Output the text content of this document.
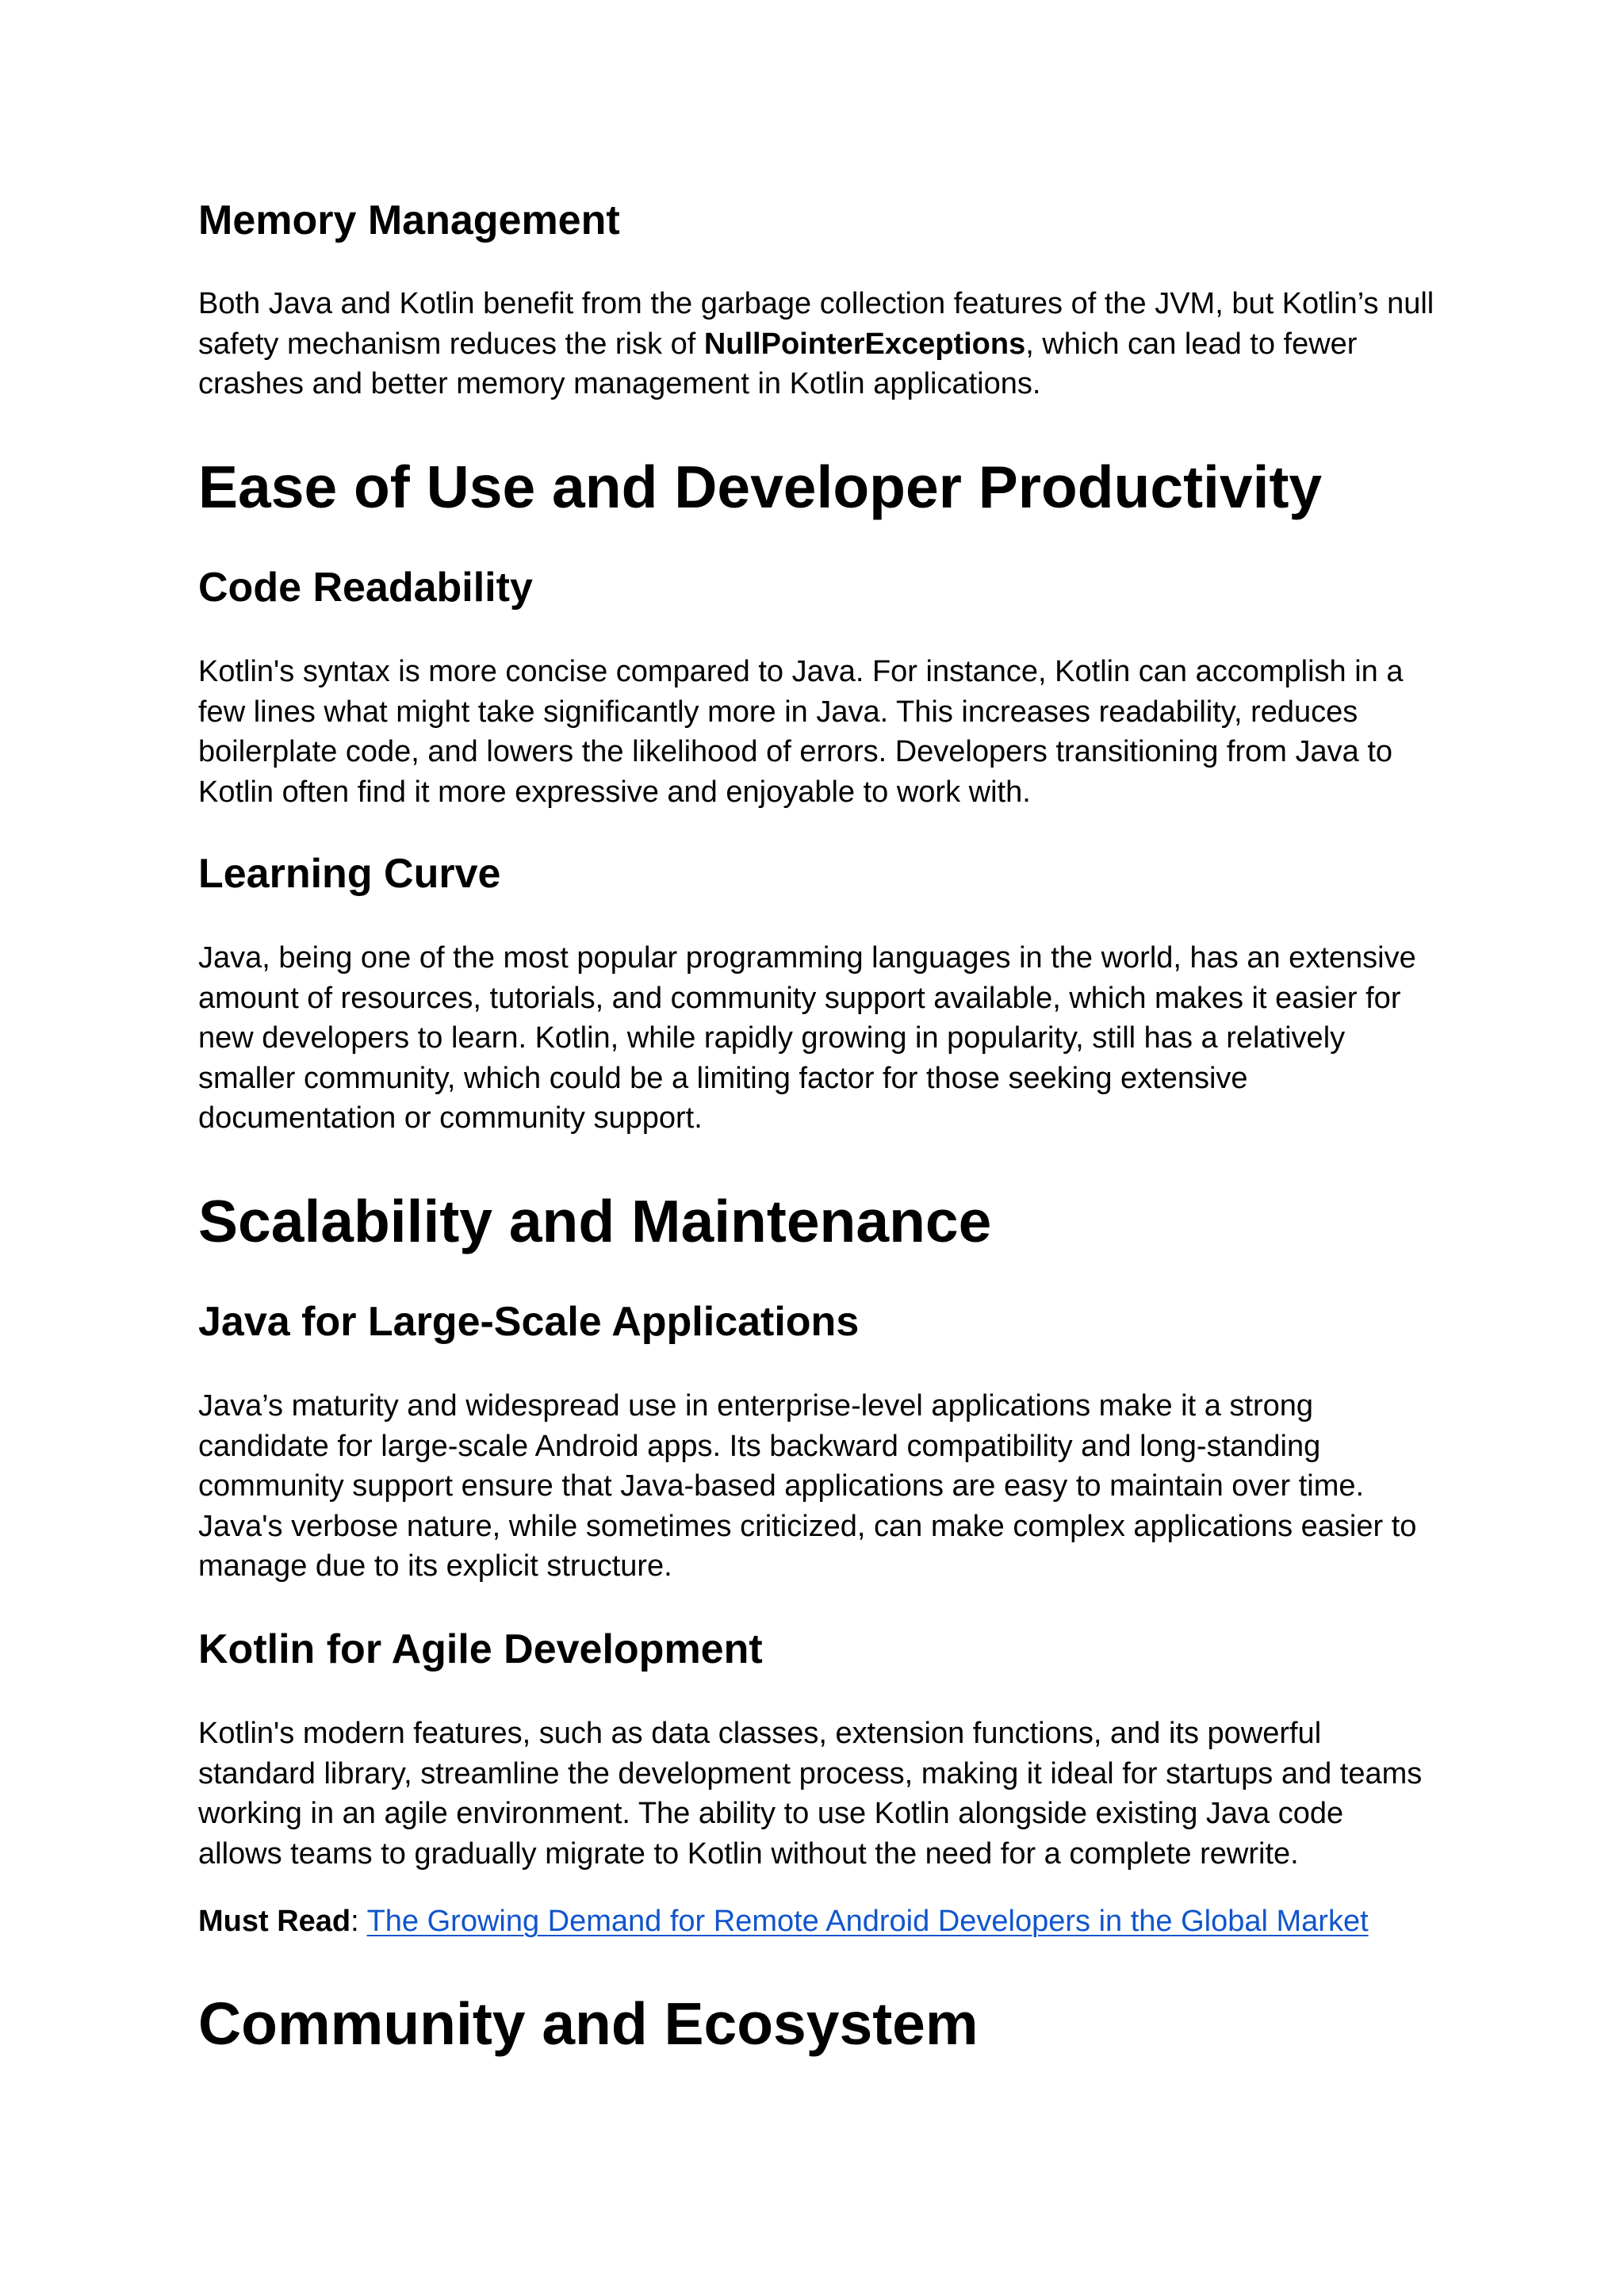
Memory Management

Both Java and Kotlin benefit from the garbage collection features of the JVM, but Kotlin’s null
safety mechanism reduces the risk of NullPointerExceptions, which can lead to fewer
crashes and better memory management in Kotlin applications.

Ease of Use and Developer Productivity
Code Readability

Kotlin's syntax is more concise compared to Java. For instance, Kotlin can accomplish in a
few lines what might take significantly more in Java. This increases readability, reduces
boilerplate code, and lowers the likelihood of errors. Developers transitioning from Java to
Kotlin often find it more expressive and enjoyable to work with.

Learning Curve

Java, being one of the most popular programming languages in the world, has an extensive
amount of resources, tutorials, and community support available, which makes it easier for
new developers to learn. Kotlin, while rapidly growing in popularity, still has a relatively
smaller community, which could be a limiting factor for those seeking extensive
documentation or community support.

Scalability and Maintenance
Java for Large-Scale Applications

Java’s maturity and widespread use in enterprise-level applications make it a strong
candidate for large-scale Android apps. Its backward compatibility and long-standing
community support ensure that Java-based applications are easy to maintain over time.
Java's verbose nature, while sometimes criticized, can make complex applications easier to
manage due to its explicit structure.

Kotlin for Agile Development

Kotlin's modern features, such as data classes, extension functions, and its powerful
standard library, streamline the development process, making it ideal for startups and teams
working in an agile environment. The ability to use Kotlin alongside existing Java code
allows teams to gradually migrate to Kotlin without the need for a complete rewrite.

Must Read: The Growing Demand for Remote Android Developers in the Global Market

Community and Ecosystem
